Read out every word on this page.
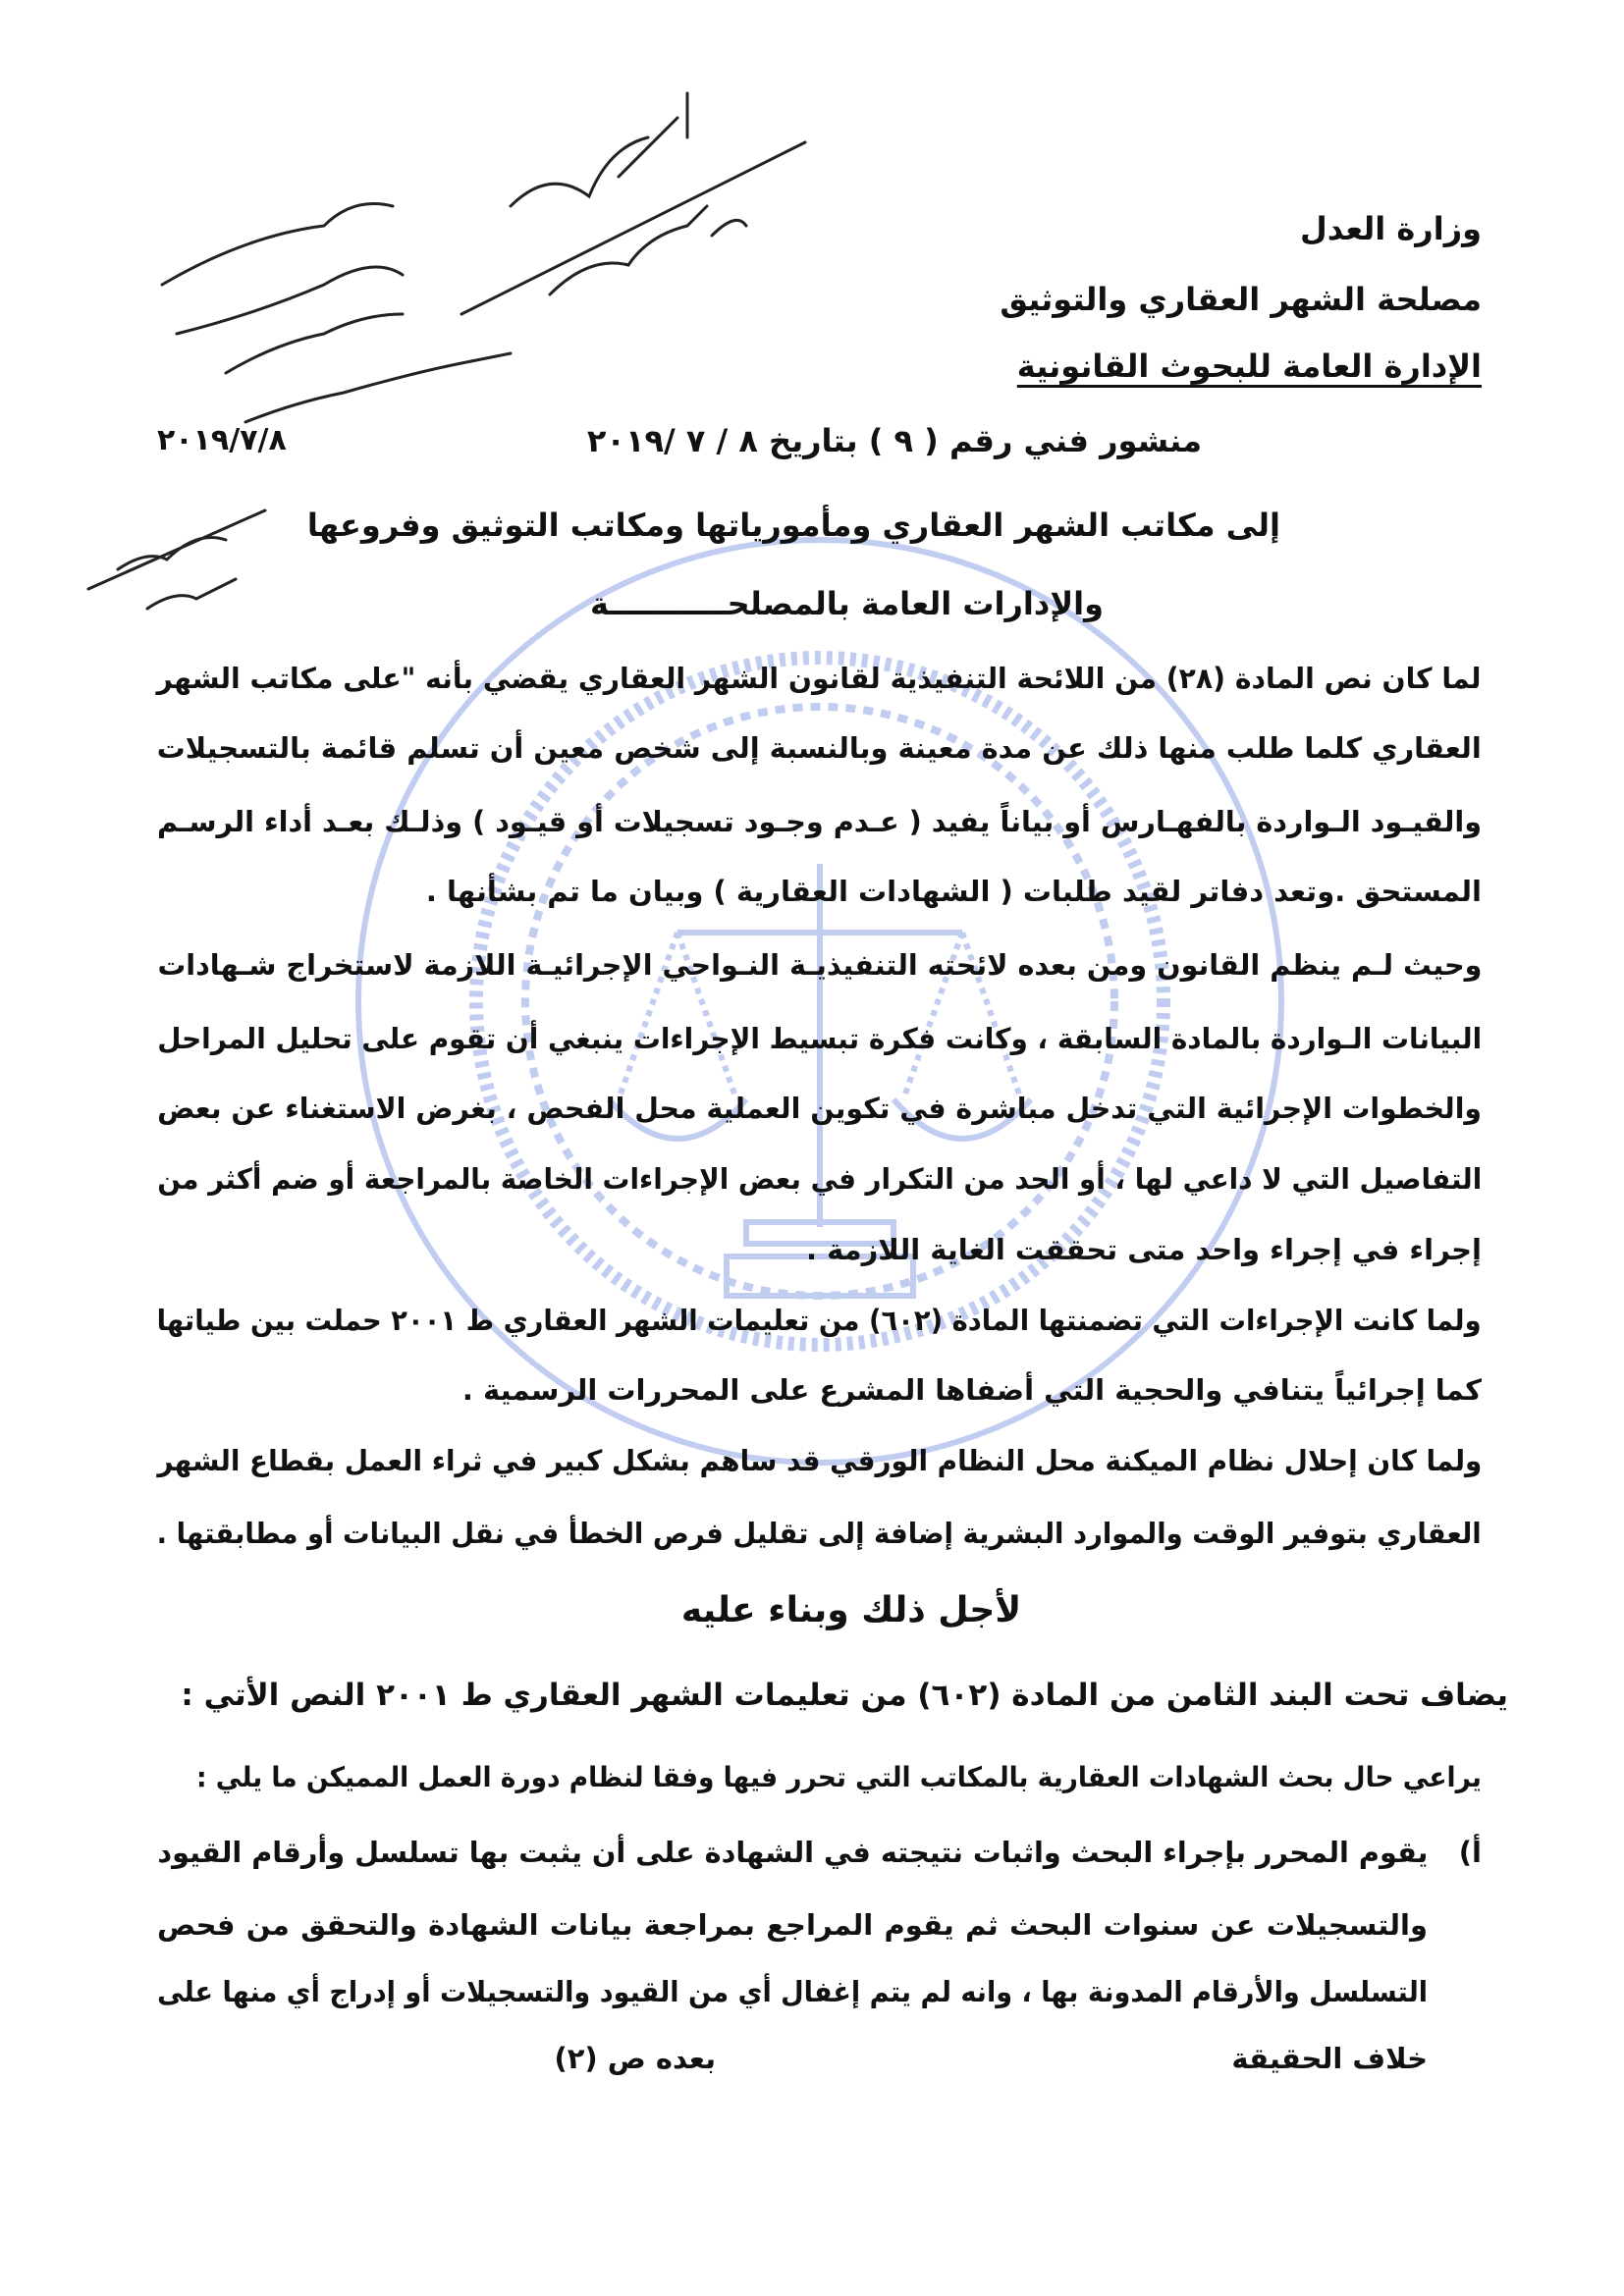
وزارة العدل
مصلحة الشهر العقاري والتوثيق
الإدارة العامة للبحوث القانونية
منشور فني رقم ( ٩ ) بتاريخ ٨ / ٧ /٢٠١٩
٢٠١٩/٧/٨
إلى مكاتب الشهر العقاري ومأمورياتها ومكاتب التوثيق وفروعها
والإدارات العامة بالمصلحـــــــــــة
لما كان نص المادة (٢٨) من اللائحة التنفيذية لقانون الشهر العقاري يقضي بأنه "على مكاتب الشهر
العقاري كلما طلب منها ذلك عن مدة معينة وبالنسبة إلى شخص معين أن تسلم قائمة بالتسجيلات
والقيـود الـواردة بالفهـارس أو بياناً يفيد ( عـدم وجـود تسجيلات أو قيـود ) وذلـك بعـد أداء الرسـم
المستحق .وتعد دفاتر لقيد طلبات ( الشهادات العقارية ) وبيان ما تم بشأنها .
وحيث لـم ينظم القانون ومن بعده لائحته التنفيذيـة النـواحي الإجرائيـة اللازمة لاستخراج شـهادات
البيانات الـواردة بالمادة السابقة ، وكانت فكرة تبسيط الإجراءات ينبغي أن تقوم على تحليل المراحل
والخطوات الإجرائية التي تدخل مباشرة في تكوين العملية محل الفحص ، بغرض الاستغناء عن بعض
التفاصيل التي لا داعي لها ، أو الحد من التكرار في بعض الإجراءات الخاصة بالمراجعة أو ضم أكثر من
إجراء في إجراء واحد متى تحققت الغاية اللازمة .
ولما كانت الإجراءات التي تضمنتها المادة (٦٠٢) من تعليمات الشهر العقاري ط ٢٠٠١ حملت بين طياتها
كما إجرائياً يتنافي والحجية التي أضفاها المشرع على المحررات الرسمية .
ولما كان إحلال نظام الميكنة محل النظام الورقي قد ساهم بشكل كبير في ثراء العمل بقطاع الشهر
العقاري بتوفير الوقت والموارد البشرية إضافة إلى تقليل فرص الخطأ في نقل البيانات أو مطابقتها .
لأجل ذلك وبناء عليه
يضاف تحت البند الثامن من المادة (٦٠٢) من تعليمات الشهر العقاري ط ٢٠٠١ النص الأتي :
يراعي حال بحث الشهادات العقارية بالمكاتب التي تحرر فيها وفقا لنظام دورة العمل المميكن ما يلي :
أ)
يقوم المحرر بإجراء البحث واثبات نتيجته في الشهادة على أن يثبت بها تسلسل وأرقام القيود
والتسجيلات عن سنوات البحث ثم يقوم المراجع بمراجعة بيانات الشهادة والتحقق من فحص
التسلسل والأرقام المدونة بها ، وانه لم يتم إغفال أي من القيود والتسجيلات أو إدراج أي منها على
خلاف الحقيقة
بعده ص (٢)
